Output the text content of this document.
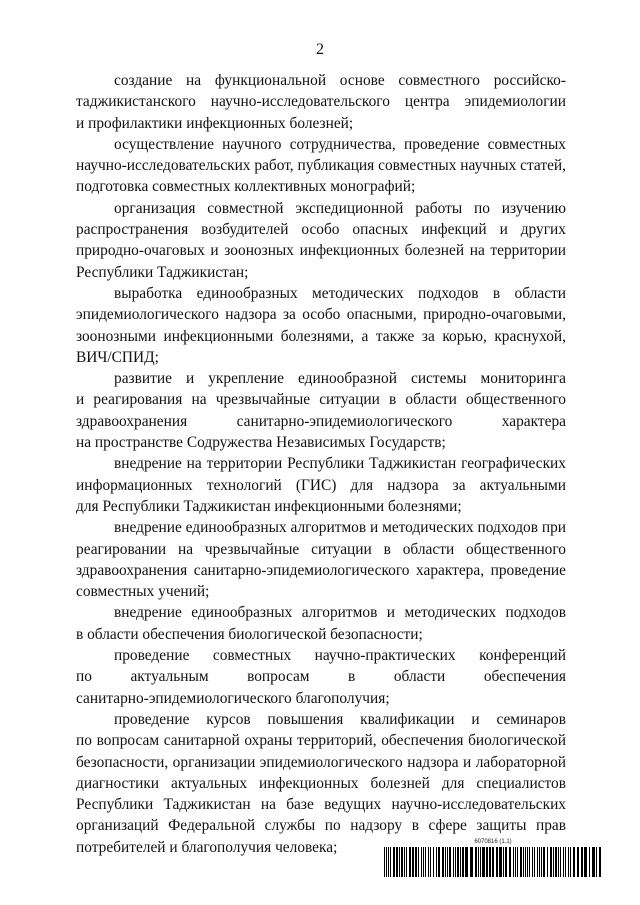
2
создание на функциональной основе совместного российско-
таджикистанского научно-исследовательского центра эпидемиологии
и профилактики инфекционных болезней;
осуществление научного сотрудничества, проведение совместных
научно-исследовательских работ, публикация совместных научных статей,
подготовка совместных коллективных монографий;
организация совместной экспедиционной работы по изучению
распространения возбудителей особо опасных инфекций и других
природно-очаговых и зоонозных инфекционных болезней на территории
Республики Таджикистан;
выработка единообразных методических подходов в области
эпидемиологического надзора за особо опасными, природно-очаговыми,
зоонозными инфекционными болезнями, а также за корью, краснухой,
ВИЧ/СПИД;
развитие и укрепление единообразной системы мониторинга
и реагирования на чрезвычайные ситуации в области общественного
здравоохранения санитарно-эпидемиологического характера
на пространстве Содружества Независимых Государств;
внедрение на территории Республики Таджикистан географических
информационных технологий (ГИС) для надзора за актуальными
для Республики Таджикистан инфекционными болезнями;
внедрение единообразных алгоритмов и методических подходов при
реагировании на чрезвычайные ситуации в области общественного
здравоохранения санитарно-эпидемиологического характера, проведение
совместных учений;
внедрение единообразных алгоритмов и методических подходов
в области обеспечения биологической безопасности;
проведение совместных научно-практических конференций
по актуальным вопросам в области обеспечения
санитарно-эпидемиологического благополучия;
проведение курсов повышения квалификации и семинаров
по вопросам санитарной охраны территорий, обеспечения биологической
безопасности, организации эпидемиологического надзора и лабораторной
диагностики актуальных инфекционных болезней для специалистов
Республики Таджикистан на базе ведущих научно-исследовательских
организаций Федеральной службы по надзору в сфере защиты прав
потребителей и благополучия человека;	6070816 (1.1)
